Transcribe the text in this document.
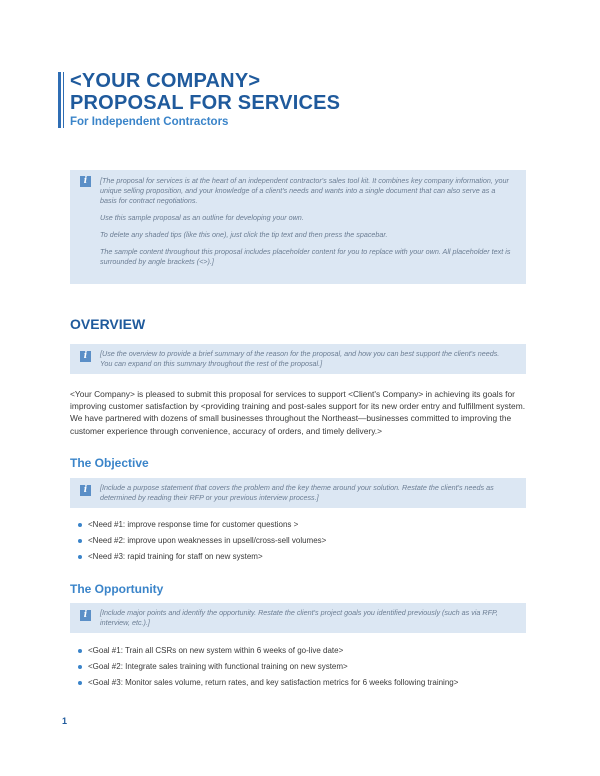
<YOUR COMPANY>
PROPOSAL FOR SERVICES
For Independent Contractors
i	[The proposal for services is at the heart of an independent contractor's sales tool kit. It combines key company information, your unique selling proposition, and your knowledge of a client's needs and wants into a single document that can also serve as a basis for contract negotiations.

Use this sample proposal as an outline for developing your own.

To delete any shaded tips (like this one), just click the tip text and then press the spacebar.

The sample content throughout this proposal includes placeholder content for you to replace with your own. All placeholder text is surrounded by angle brackets (<>).]

OVERVIEW
i	[Use the overview to provide a brief summary of the reason for the proposal, and how you can best support the client's needs. You can expand on this summary throughout the rest of the proposal.]

<Your Company> is pleased to submit this proposal for services to support <Client's Company> in achieving its goals for improving customer satisfaction by <providing training and post-sales support for its new order entry and fulfillment system. We have partnered with dozens of small businesses throughout the Northeast—businesses committed to improving the customer experience through convenience, accuracy of orders, and timely delivery.>

The Objective
i	[Include a purpose statement that covers the problem and the key theme around your solution. Restate the client's needs as determined by reading their RFP or your previous interview process.]

<Need #1: improve response time for customer questions >
<Need #2: improve upon weaknesses in upsell/cross-sell volumes>
<Need #3: rapid training for staff on new system>
The Opportunity
i	[Include major points and identify the opportunity. Restate the client's project goals you identified previously (such as via RFP, interview, etc.).]

<Goal #1: Train all CSRs on new system within 6 weeks of go-live date>
<Goal #2: Integrate sales training with functional training on new system>
<Goal #3: Monitor sales volume, return rates, and key satisfaction metrics for 6 weeks following training>
1
